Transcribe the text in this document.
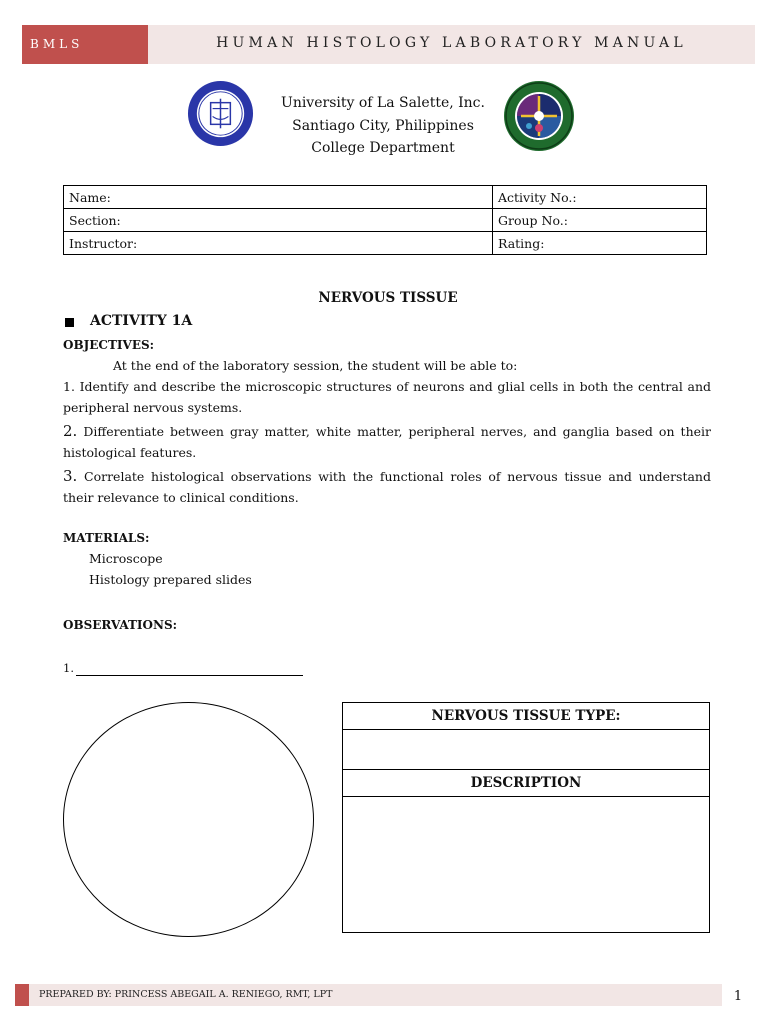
BMLS	HUMAN HISTOLOGY LABORATORY MANUAL
University of La Salette, Inc.
Santiago City, Philippines
College Department
Name:	Activity No.:
Section:	Group No.:
Instructor:	Rating:
NERVOUS TISSUE
ACTIVITY 1A
OBJECTIVES:
At the end of the laboratory session, the student will be able to:
1. Identify and describe the microscopic structures of neurons and glial cells in both the central and peripheral nervous systems.
2. Differentiate between gray matter, white matter, peripheral nerves, and ganglia based on their histological features.
3. Correlate histological observations with the functional roles of nervous tissue and understand their relevance to clinical conditions.
MATERIALS:
Microscope
Histology prepared slides
OBSERVATIONS:
1.
NERVOUS TISSUE TYPE:

DESCRIPTION

PREPARED BY: PRINCESS ABEGAIL A. RENIEGO, RMT, LPT	1
